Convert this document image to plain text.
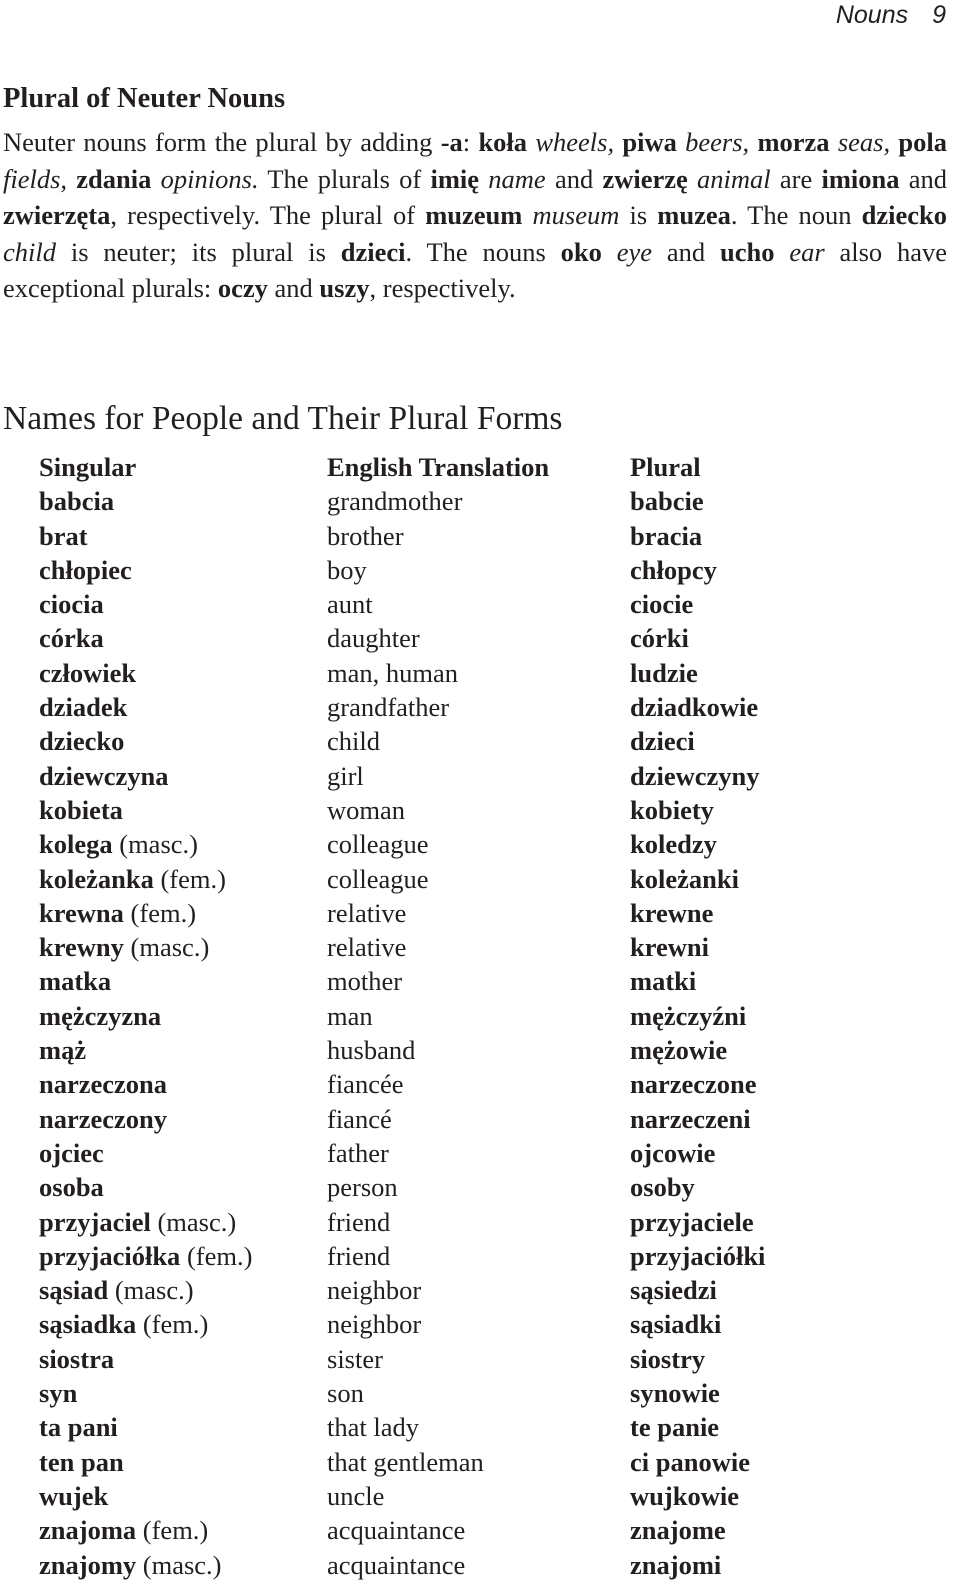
Nouns 9
Plural of Neuter Nouns

Neuter nouns form the plural by adding -a: koła wheels, piwa beers, morza seas, pola fields, zdania opinions. The plurals of imię name and zwierzę animal are imiona and zwierzęta, respectively. The plural of muzeum museum is muzea. The noun dziecko child is neuter; its plural is dzieci. The nouns oko eye and ucho ear also have exceptional plurals: oczy and uszy, respectively.

Names for People and Their Plural Forms
Singular	English Translation	Plural
babcia	grandmother	babcie
brat	brother	bracia
chłopiec	boy	chłopcy
ciocia	aunt	ciocie
córka	daughter	córki
człowiek	man, human	ludzie
dziadek	grandfather	dziadkowie
dziecko	child	dzieci
dziewczyna	girl	dziewczyny
kobieta	woman	kobiety
kolega (masc.)	colleague	koledzy
koleżanka (fem.)	colleague	koleżanki
krewna (fem.)	relative	krewne
krewny (masc.)	relative	krewni
matka	mother	matki
mężczyzna	man	mężczyźni
mąż	husband	mężowie
narzeczona	fiancée	narzeczone
narzeczony	fiancé	narzeczeni
ojciec	father	ojcowie
osoba	person	osoby
przyjaciel (masc.)	friend	przyjaciele
przyjaciółka (fem.)	friend	przyjaciółki
sąsiad (masc.)	neighbor	sąsiedzi
sąsiadka (fem.)	neighbor	sąsiadki
siostra	sister	siostry
syn	son	synowie
ta pani	that lady	te panie
ten pan	that gentleman	ci panowie
wujek	uncle	wujkowie
znajoma (fem.)	acquaintance	znajome
znajomy (masc.)	acquaintance	znajomi
